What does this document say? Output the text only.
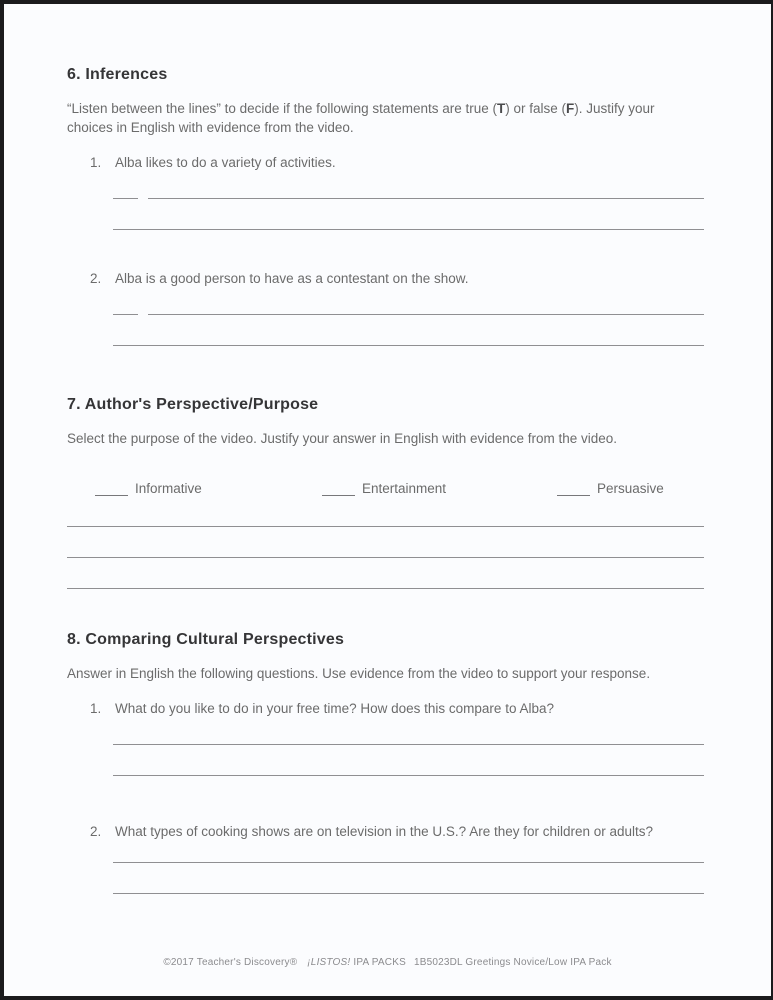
6. Inferences

“Listen between the lines” to decide if the following statements are true (T) or false (F). Justify your choices in English with evidence from the video.

1.	Alba likes to do a variety of activities.
2.	Alba is a good person to have as a contestant on the show.
7. Author's Perspective/Purpose

Select the purpose of the video. Justify your answer in English with evidence from the video.

Informative	Entertainment	Persuasive
8. Comparing Cultural Perspectives

Answer in English the following questions. Use evidence from the video to support your response.

1.	What do you like to do in your free time? How does this compare to Alba?
2.	What types of cooking shows are on television in the U.S.? Are they for children or adults?
©2017 Teacher's Discovery® ¡LISTOS! IPA PACKS 1B5023DL Greetings Novice/Low IPA Pack
